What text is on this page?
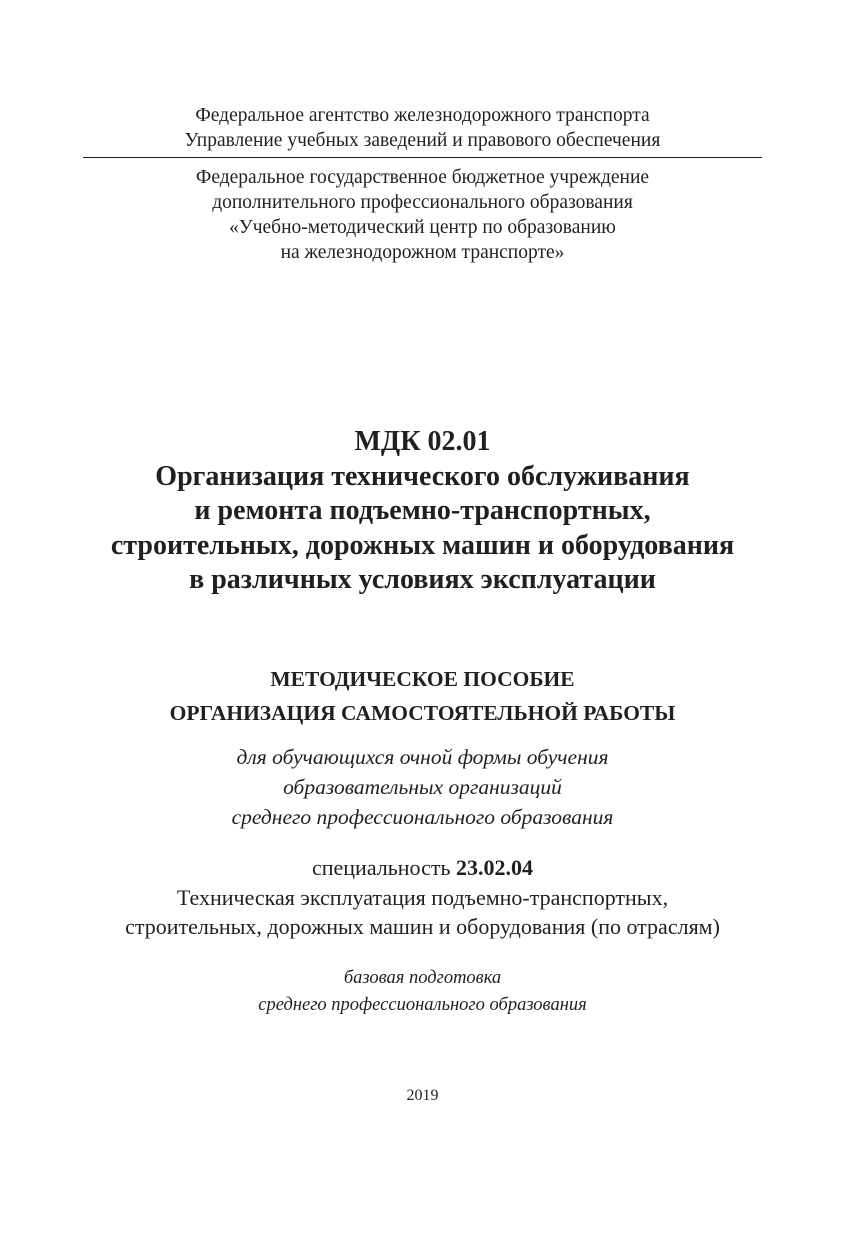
Федеральное агентство железнодорожного транспорта
Управление учебных заведений и правового обеспечения
Федеральное государственное бюджетное учреждение
дополнительного профессионального образования
«Учебно-методический центр по образованию
на железнодорожном транспорте»
МДК 02.01
Организация технического обслуживания
и ремонта подъемно-транспортных,
строительных, дорожных машин и оборудования
в различных условиях эксплуатации
МЕТОДИЧЕСКОЕ ПОСОБИЕ
ОРГАНИЗАЦИЯ САМОСТОЯТЕЛЬНОЙ РАБОТЫ
для обучающихся очной формы обучения
образовательных организаций
среднего профессионального образования
специальность 23.02.04
Техническая эксплуатация подъемно-транспортных,
строительных, дорожных машин и оборудования (по отраслям)
базовая подготовка
среднего профессионального образования
2019
